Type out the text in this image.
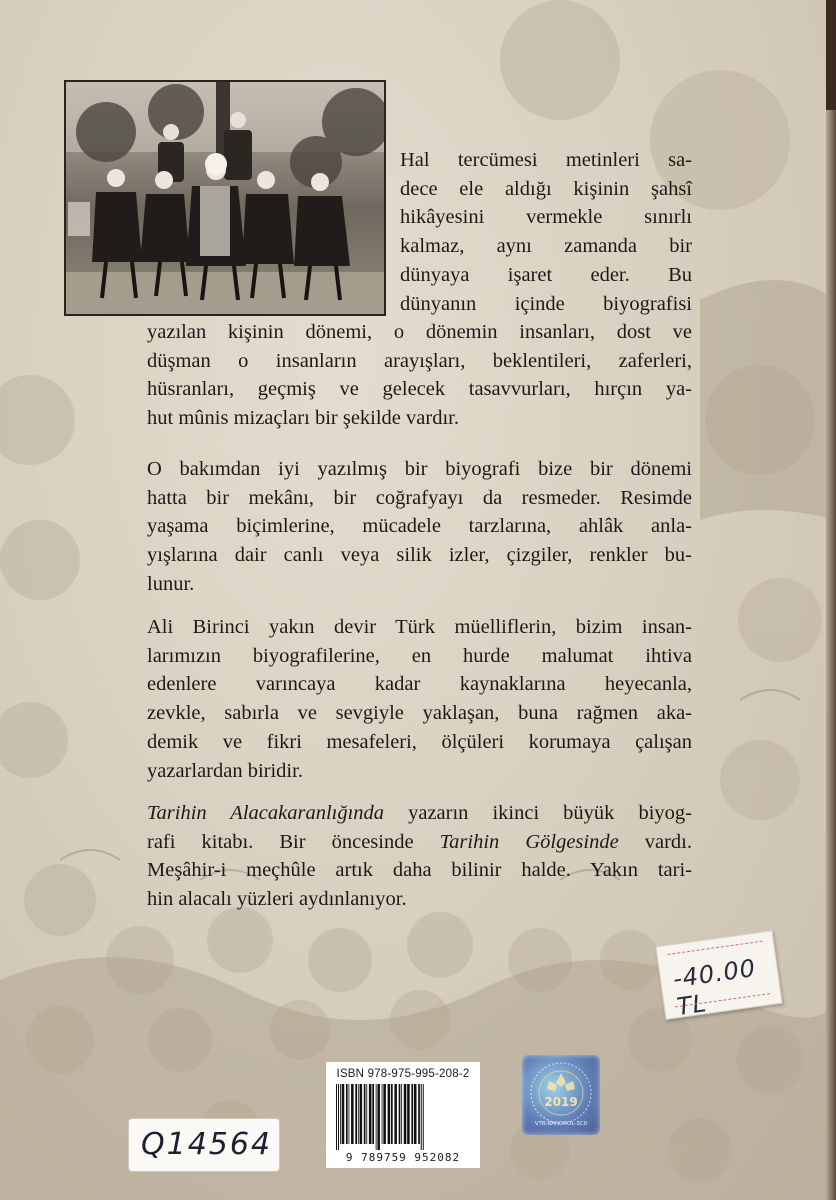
Hal tercümesi metinleri sa-
dece ele aldığı kişinin şahsî
hikâyesini vermekle sınırlı
kalmaz, aynı zamanda bir
dünyaya işaret eder. Bu
dünyanın içinde biyografisi

yazılan kişinin dönemi, o dönemin insanları, dost ve
düşman o insanların arayışları, beklentileri, zaferleri,
hüsranları, geçmiş ve gelecek tasavvurları, hırçın ya-
hut mûnis mizaçları bir şekilde vardır.

O bakımdan iyi yazılmış bir biyografi bize bir dönemi
hatta bir mekânı, bir coğrafyayı da resmeder. Resimde
yaşama biçimlerine, mücadele tarzlarına, ahlâk anla-
yışlarına dair canlı veya silik izler, çizgiler, renkler bu-
lunur.

Ali Birinci yakın devir Türk müelliflerin, bizim insan-
larımızın biyografilerine, en hurde malumat ihtiva
edenlere varıncaya kadar kaynaklarına heyecanla,
zevkle, sabırla ve sevgiyle yaklaşan, buna rağmen aka-
demik ve fikri mesafeleri, ölçüleri korumaya çalışan
yazarlardan biridir.

Tarihin Alacakaranlığında yazarın ikinci büyük biyog-
rafi kitabı. Bir öncesinde Tarihin Gölgesinde vardı.
Meşâhir-i meçhûle artık daha bilinir halde. Yakın tari-
hin alacalı yüzleri aydınlanıyor.

-40.00 TL
ISBN 978-975-995-208-2
9 789759 952082
2019
VTB-BANDROL-3C0
Q14564
